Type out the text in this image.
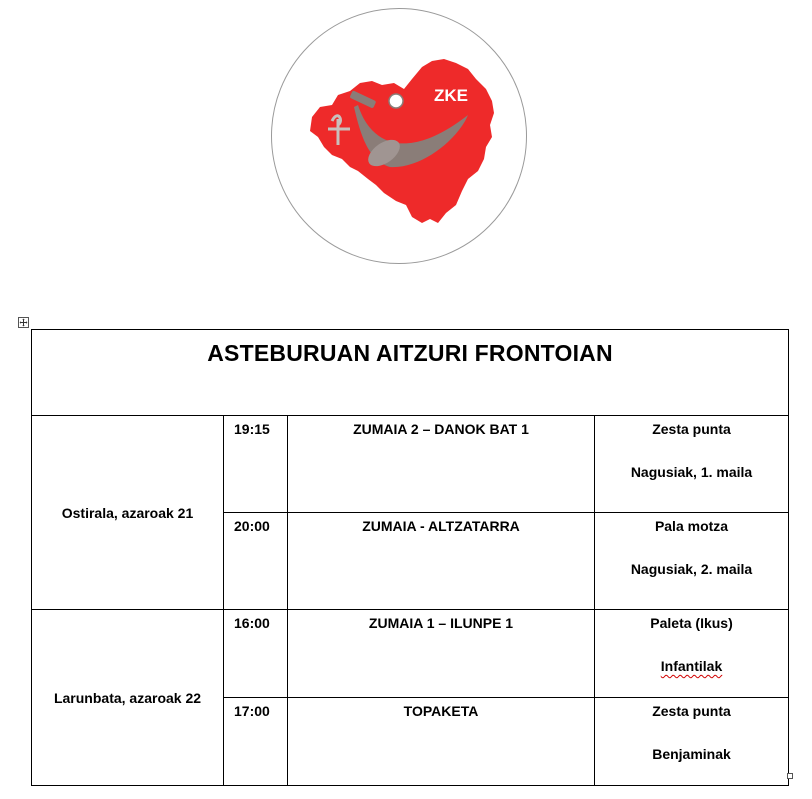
ZKE
ASTEBURUAN AITZURI FRONTOIAN			
Ostirala, azaroak 21	19:15	ZUMAIA 2 – DANOK BAT 1	Zesta punta
Nagusiak, 1. maila

	20:00	ZUMAIA - ALTZATARRA	Pala motza
Nagusiak, 2. maila

Larunbata, azaroak 22	16:00	ZUMAIA 1 – ILUNPE 1	Paleta (Ikus)
Infantilak

	17:00	TOPAKETA	Zesta punta
Benjaminak
